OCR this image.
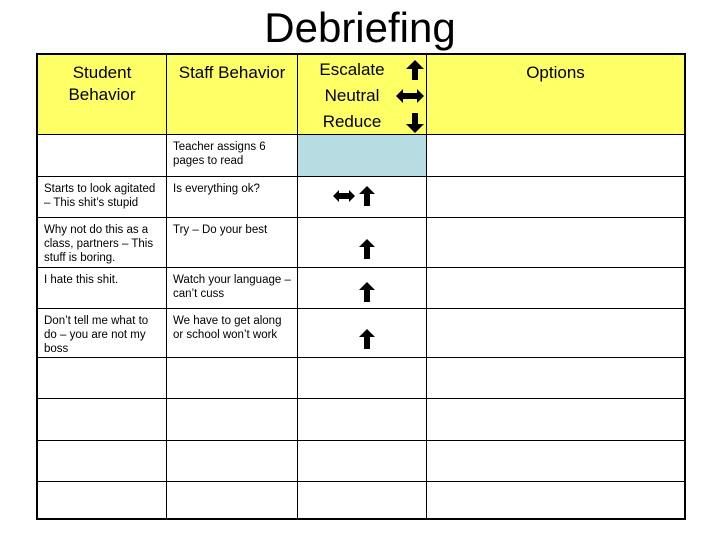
Debriefing
Student
Behavior
Staff Behavior	Escalate
Neutral
Reduce
Options
Teacher assigns 6 pages to read
Starts to look agitated – This shit’s stupid
Is everything ok?
Why not do this as a class, partners – This stuff is boring.
Try – Do your best
I hate this shit.	Watch your language – can’t cuss
Don’t tell me what to do – you are not my boss
We have to get along or school won’t work
